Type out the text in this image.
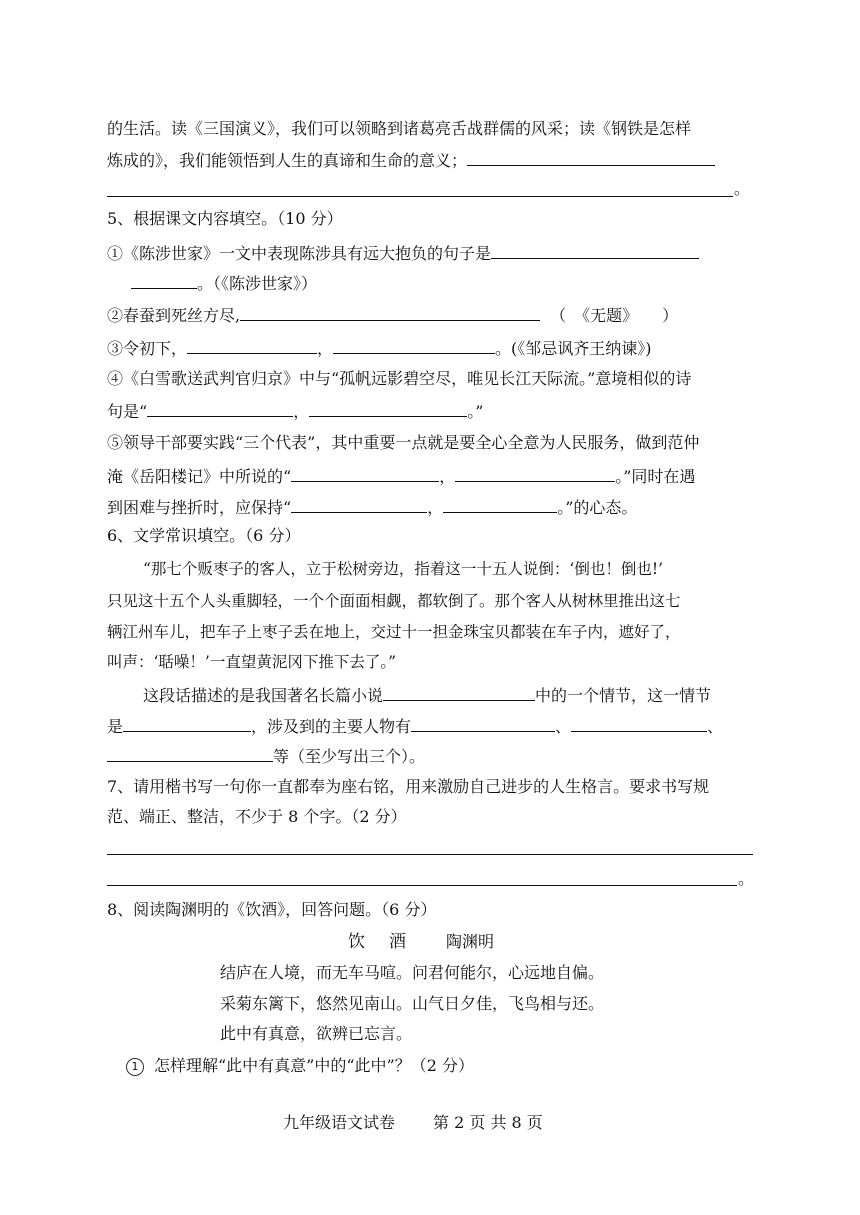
的生活。读《三国演义》，我们可以领略到诸葛亮舌战群儒的风采；读《钢铁是怎样
炼成的》，我们能领悟到人生的真谛和生命的意义；
。
5、根据课文内容填空。（10 分）
①《陈涉世家》一文中表现陈涉具有远大抱负的句子是
。（《陈涉世家》）
②春蚕到死丝方尽,	（　《无题》　　）
③令初下，	，	。(《邹忌讽齐王纳谏》)
④《白雪歌送武判官归京》中与“孤帆远影碧空尽，唯见长江天际流。”意境相似的诗
句是“	，	。”
⑤领导干部要实践“三个代表”，其中重要一点就是要全心全意为人民服务，做到范仲
淹《岳阳楼记》中所说的“	，	。”同时在遇
到困难与挫折时，应保持“	，	。”的心态。
6、文学常识填空。（6 分）
“那七个贩枣子的客人，立于松树旁边，指着这一十五人说倒：‘倒也！倒也!’
只见这十五个人头重脚轻，一个个面面相觑，都软倒了。那个客人从树林里推出这七
辆江州车儿，把车子上枣子丢在地上，交过十一担金珠宝贝都装在车子内，遮好了，
叫声：‘聒噪！’一直望黄泥冈下推下去了。”
这段话描述的是我国著名长篇小说	中的一个情节，这一情节
是	，涉及到的主要人物有	、	、
等（至少写出三个）。
7、请用楷书写一句你一直都奉为座右铭，用来激励自己进步的人生格言。要求书写规
范、端正、整洁，不少于 8 个字。（2 分）
。
8、阅读陶渊明的《饮酒》，回答问题。（6 分）
饮 酒	陶渊明
结庐在人境，而无车马喧。问君何能尔，心远地自偏。
采菊东篱下，悠然见南山。山气日夕佳，飞鸟相与还。
此中有真意，欲辨已忘言。
1 怎样理解“此中有真意”中的“此中”？（2 分）
九年级语文试卷 第 2 页 共 8 页
